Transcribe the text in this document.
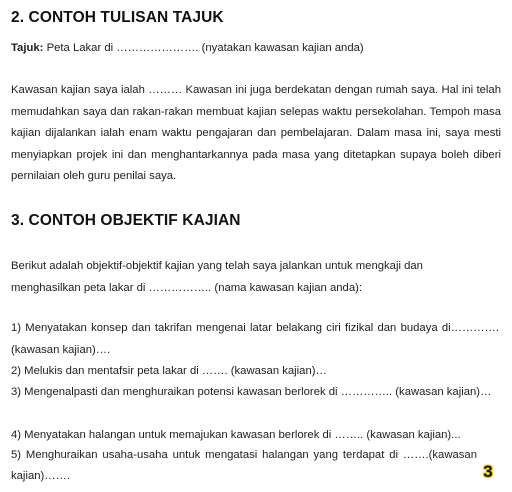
2. CONTOH TULISAN TAJUK

Tajuk: Peta Lakar di …………………. (nyatakan kawasan kajian anda)

Kawasan kajian saya ialah ……… Kawasan ini juga berdekatan dengan rumah saya. Hal ini telah memudahkan saya dan rakan-rakan membuat kajian selepas waktu persekolahan. Tempoh masa kajian dijalankan ialah enam waktu pengajaran dan pembelajaran. Dalam masa ini, saya mesti menyiapkan projek ini dan menghantarkannya pada masa yang ditetapkan supaya boleh diberi pernilaian oleh guru penilai saya.

3. CONTOH OBJEKTIF KAJIAN

Berikut adalah objektif-objektif kajian yang telah saya jalankan untuk mengkaji dan menghasilkan peta lakar di …………….. (nama kawasan kajian anda):

1) Menyatakan konsep dan takrifan mengenai latar belakang ciri fizikal dan budaya di………….(kawasan kajian)….

2) Melukis dan mentafsir peta lakar di ……. (kawasan kajian)…

3) Mengenalpasti dan menghuraikan potensi kawasan berlorek di ………….. (kawasan kajian)…

4) Menyatakan halangan untuk memajukan kawasan berlorek di …….. (kawasan kajian)...

5) Menghuraikan usaha-usaha untuk mengatasi halangan yang terdapat di …….(kawasan kajian)…….	3
